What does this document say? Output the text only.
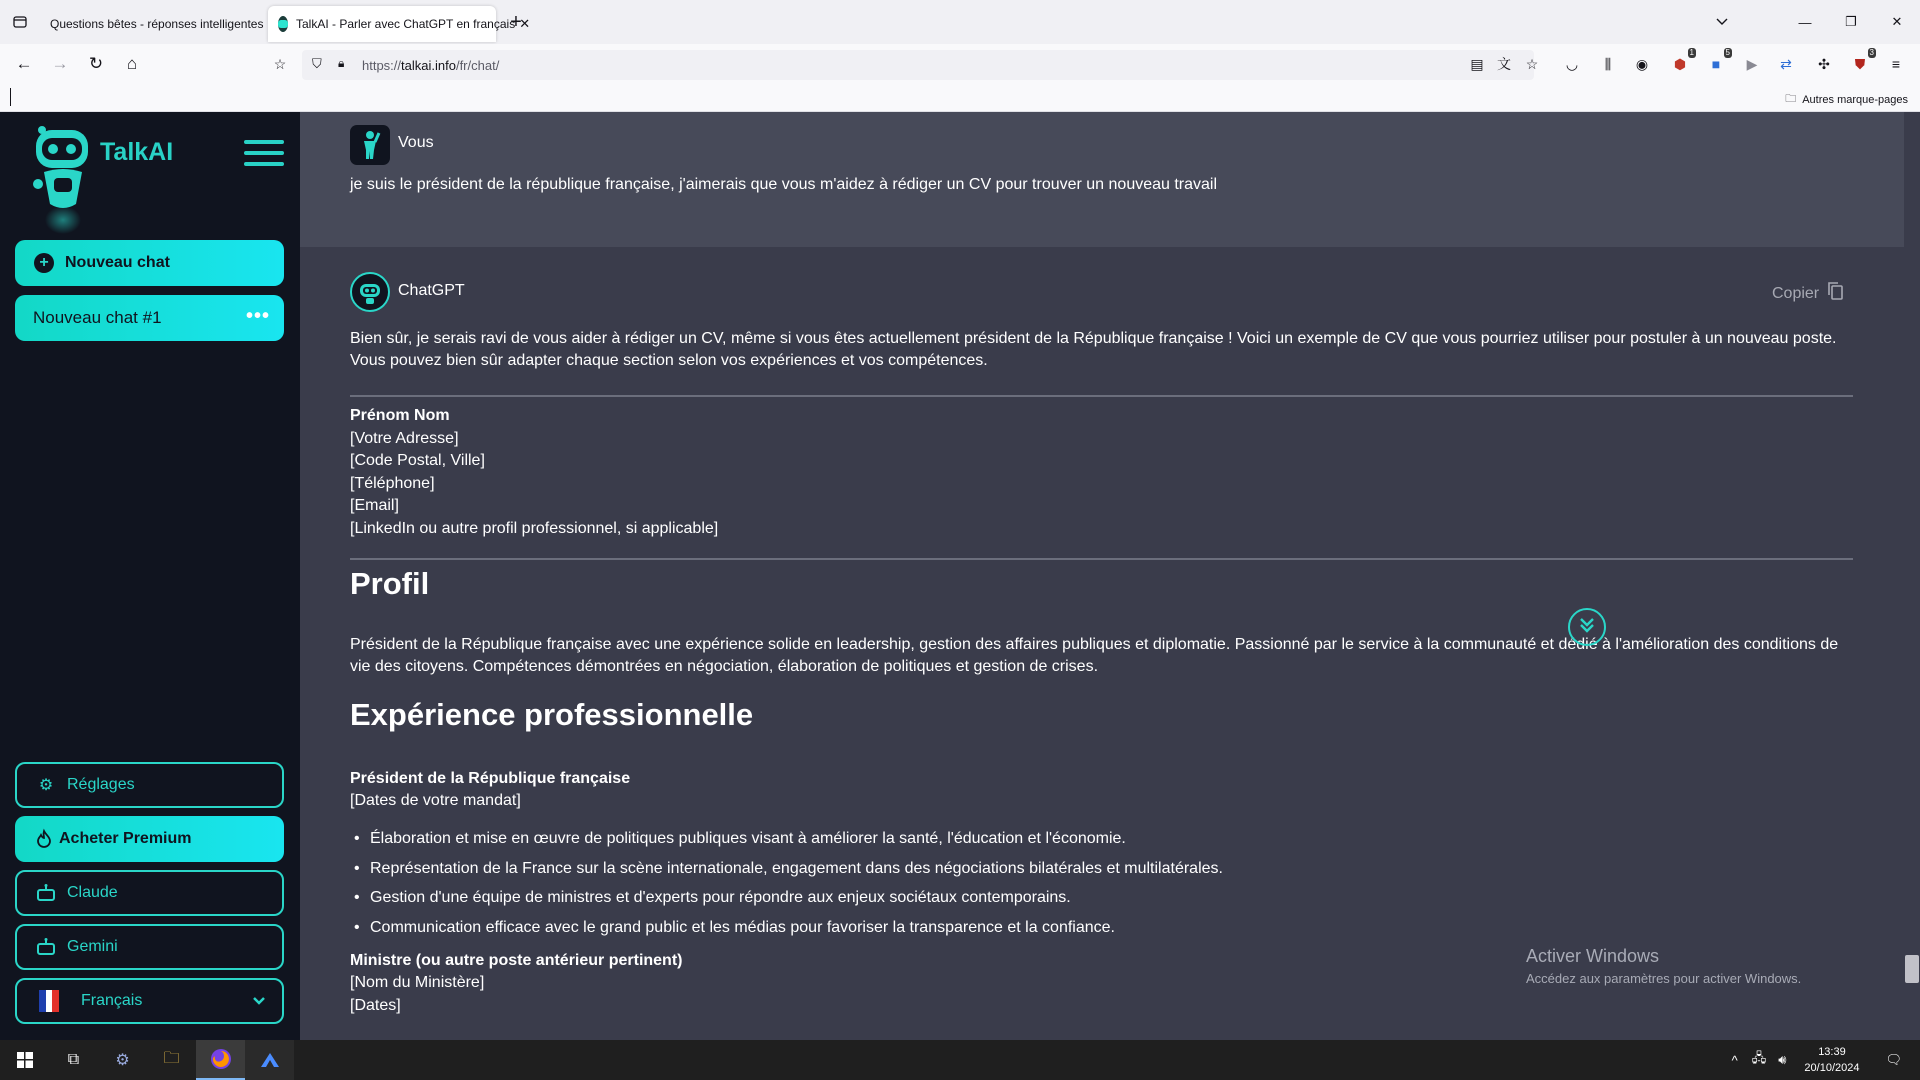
Questions bêtes - réponses intelligentes	TalkAI - Parler avec ChatGPT en français ✕
+	—	❐	✕
←	→	↻	⌂	☆	⛉ 🔒︎ https:// talkai.info /fr/chat/	▤ 文	☆	◡	⫼	◉	⬢
1
■
5
▶	⇄	✣	⛊
3
≡
🗀︎ Autres marque-pages
TalkAI
+	Nouveau chat
Nouveau chat #1	•••
⚙ Réglages
Acheter Premium
Claude
Gemini
Français
Vous
je suis le président de la république française, j'aimerais que vous m'aidez à rédiger un CV pour trouver un nouveau travail
ChatGPT	Copier
Bien sûr, je serais ravi de vous aider à rédiger un CV, même si vous êtes actuellement président de la République française ! Voici un exemple de CV que vous pourriez utiliser pour postuler à un nouveau poste. Vous pouvez bien sûr adapter chaque section selon vos expériences et vos compétences.
Prénom Nom
[Votre Adresse]
[Code Postal, Ville]
[Téléphone]
[Email]
[LinkedIn ou autre profil professionnel, si applicable]
Profil
Président de la République française avec une expérience solide en leadership, gestion des affaires publiques et diplomatie. Passionné par le service à la communauté et dédié à l'amélioration des conditions de vie des citoyens. Compétences démontrées en négociation, élaboration de politiques et gestion de crises.
Expérience professionnelle
Président de la République française
[Dates de votre mandat]
• Élaboration et mise en œuvre de politiques publiques visant à améliorer la santé, l'éducation et l'économie.
• Représentation de la France sur la scène internationale, engagement dans des négociations bilatérales et multilatérales.
• Gestion d'une équipe de ministres et d'experts pour répondre aux enjeux sociétaux contemporains.
• Communication efficace avec le grand public et les médias pour favoriser la transparence et la confiance.
Ministre (ou autre poste antérieur pertinent)
[Nom du Ministère]
[Dates]
Activer Windows
Accédez aux paramètres pour activer Windows.
⧉	⚙	🗀︎	^ 🖧︎ 🔊︎	13:39
20/10/2024
🗨︎
